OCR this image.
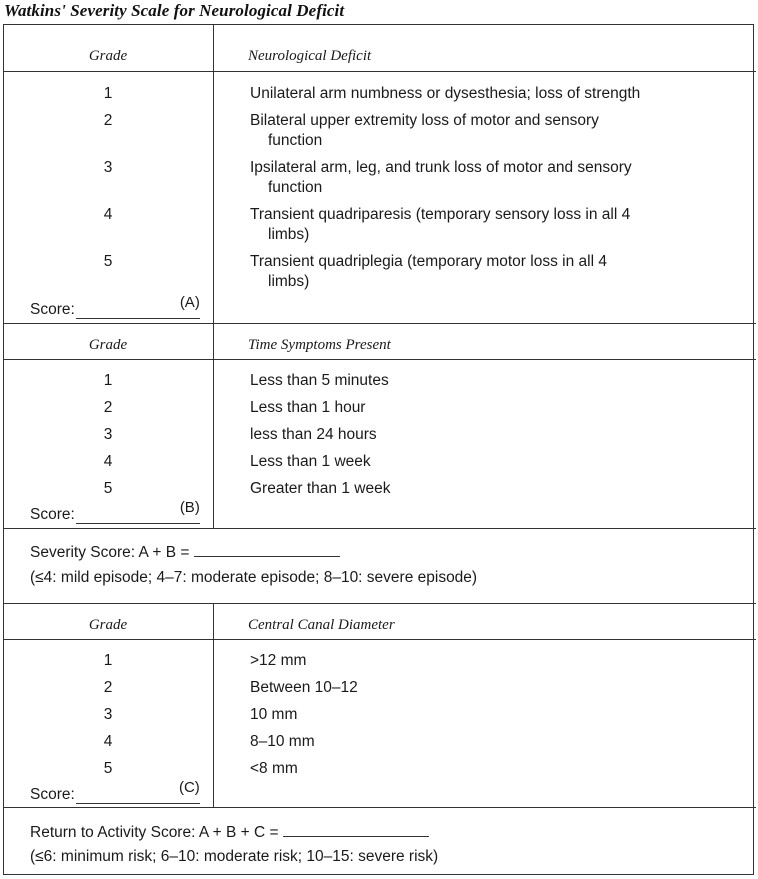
Watkins' Severity Scale for Neurological Deficit
Grade	Neurological Deficit
1	Unilateral arm numbness or dysesthesia; loss of strength
2	Bilateral upper extremity loss of motor and sensory
function
3	Ipsilateral arm, leg, and trunk loss of motor and sensory
function
4	Transient quadriparesis (temporary sensory loss in all 4
limbs)
5	Transient quadriplegia (temporary motor loss in all 4
limbs)
Score:	(A)
Grade	Time Symptoms Present
1	Less than 5 minutes
2	Less than 1 hour
3	less than 24 hours
4	Less than 1 week
5	Greater than 1 week
Score:	(B)
Severity Score: A + B =
(≤4: mild episode; 4–7: moderate episode; 8–10: severe episode)
Grade	Central Canal Diameter
1	>12 mm
2	Between 10–12
3	10 mm
4	8–10 mm
5	<8 mm
Score:	(C)
Return to Activity Score: A + B + C =
(≤6: minimum risk; 6–10: moderate risk; 10–15: severe risk)
